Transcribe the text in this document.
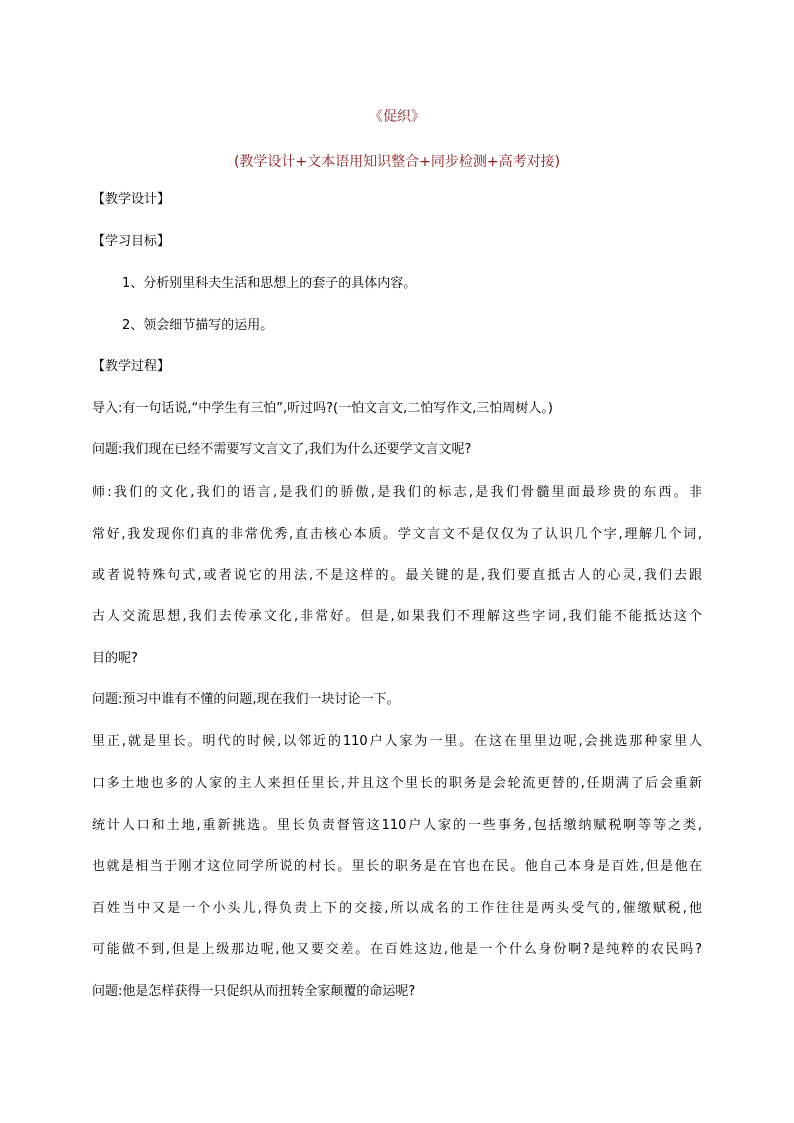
《促织》
(教学设计+文本语用知识整合+同步检测+高考对接)
【教学设计】
【学习目标】
1、分析别里科夫生活和思想上的套子的具体内容。
2、领会细节描写的运用。
【教学过程】
导入:有一句话说,“中学生有三怕”,听过吗?(一怕文言文,二怕写作文,三怕周树人。)
问题:我们现在已经不需要写文言文了,我们为什么还要学文言文呢?
师:我们的文化,我们的语言,是我们的骄傲,是我们的标志,是我们骨髓里面最珍贵的东西。非
常好,我发现你们真的非常优秀,直击核心本质。学文言文不是仅仅为了认识几个字,理解几个词,
或者说特殊句式,或者说它的用法,不是这样的。最关键的是,我们要直抵古人的心灵,我们去跟
古人交流思想,我们去传承文化,非常好。但是,如果我们不理解这些字词,我们能不能抵达这个
目的呢?
问题:预习中谁有不懂的问题,现在我们一块讨论一下。
里正,就是里长。明代的时候,以邻近的110户人家为一里。在这在里里边呢,会挑选那种家里人
口多土地也多的人家的主人来担任里长,并且这个里长的职务是会轮流更替的,任期满了后会重新
统计人口和土地,重新挑选。里长负责督管这110户人家的一些事务,包括缴纳赋税啊等等之类,
也就是相当于刚才这位同学所说的村长。里长的职务是在官也在民。他自己本身是百姓,但是他在
百姓当中又是一个小头儿,得负责上下的交接,所以成名的工作往往是两头受气的,催缴赋税,他
可能做不到,但是上级那边呢,他又要交差。在百姓这边,他是一个什么身份啊?是纯粹的农民吗?
问题:他是怎样获得一只促织从而扭转全家颠覆的命运呢?
